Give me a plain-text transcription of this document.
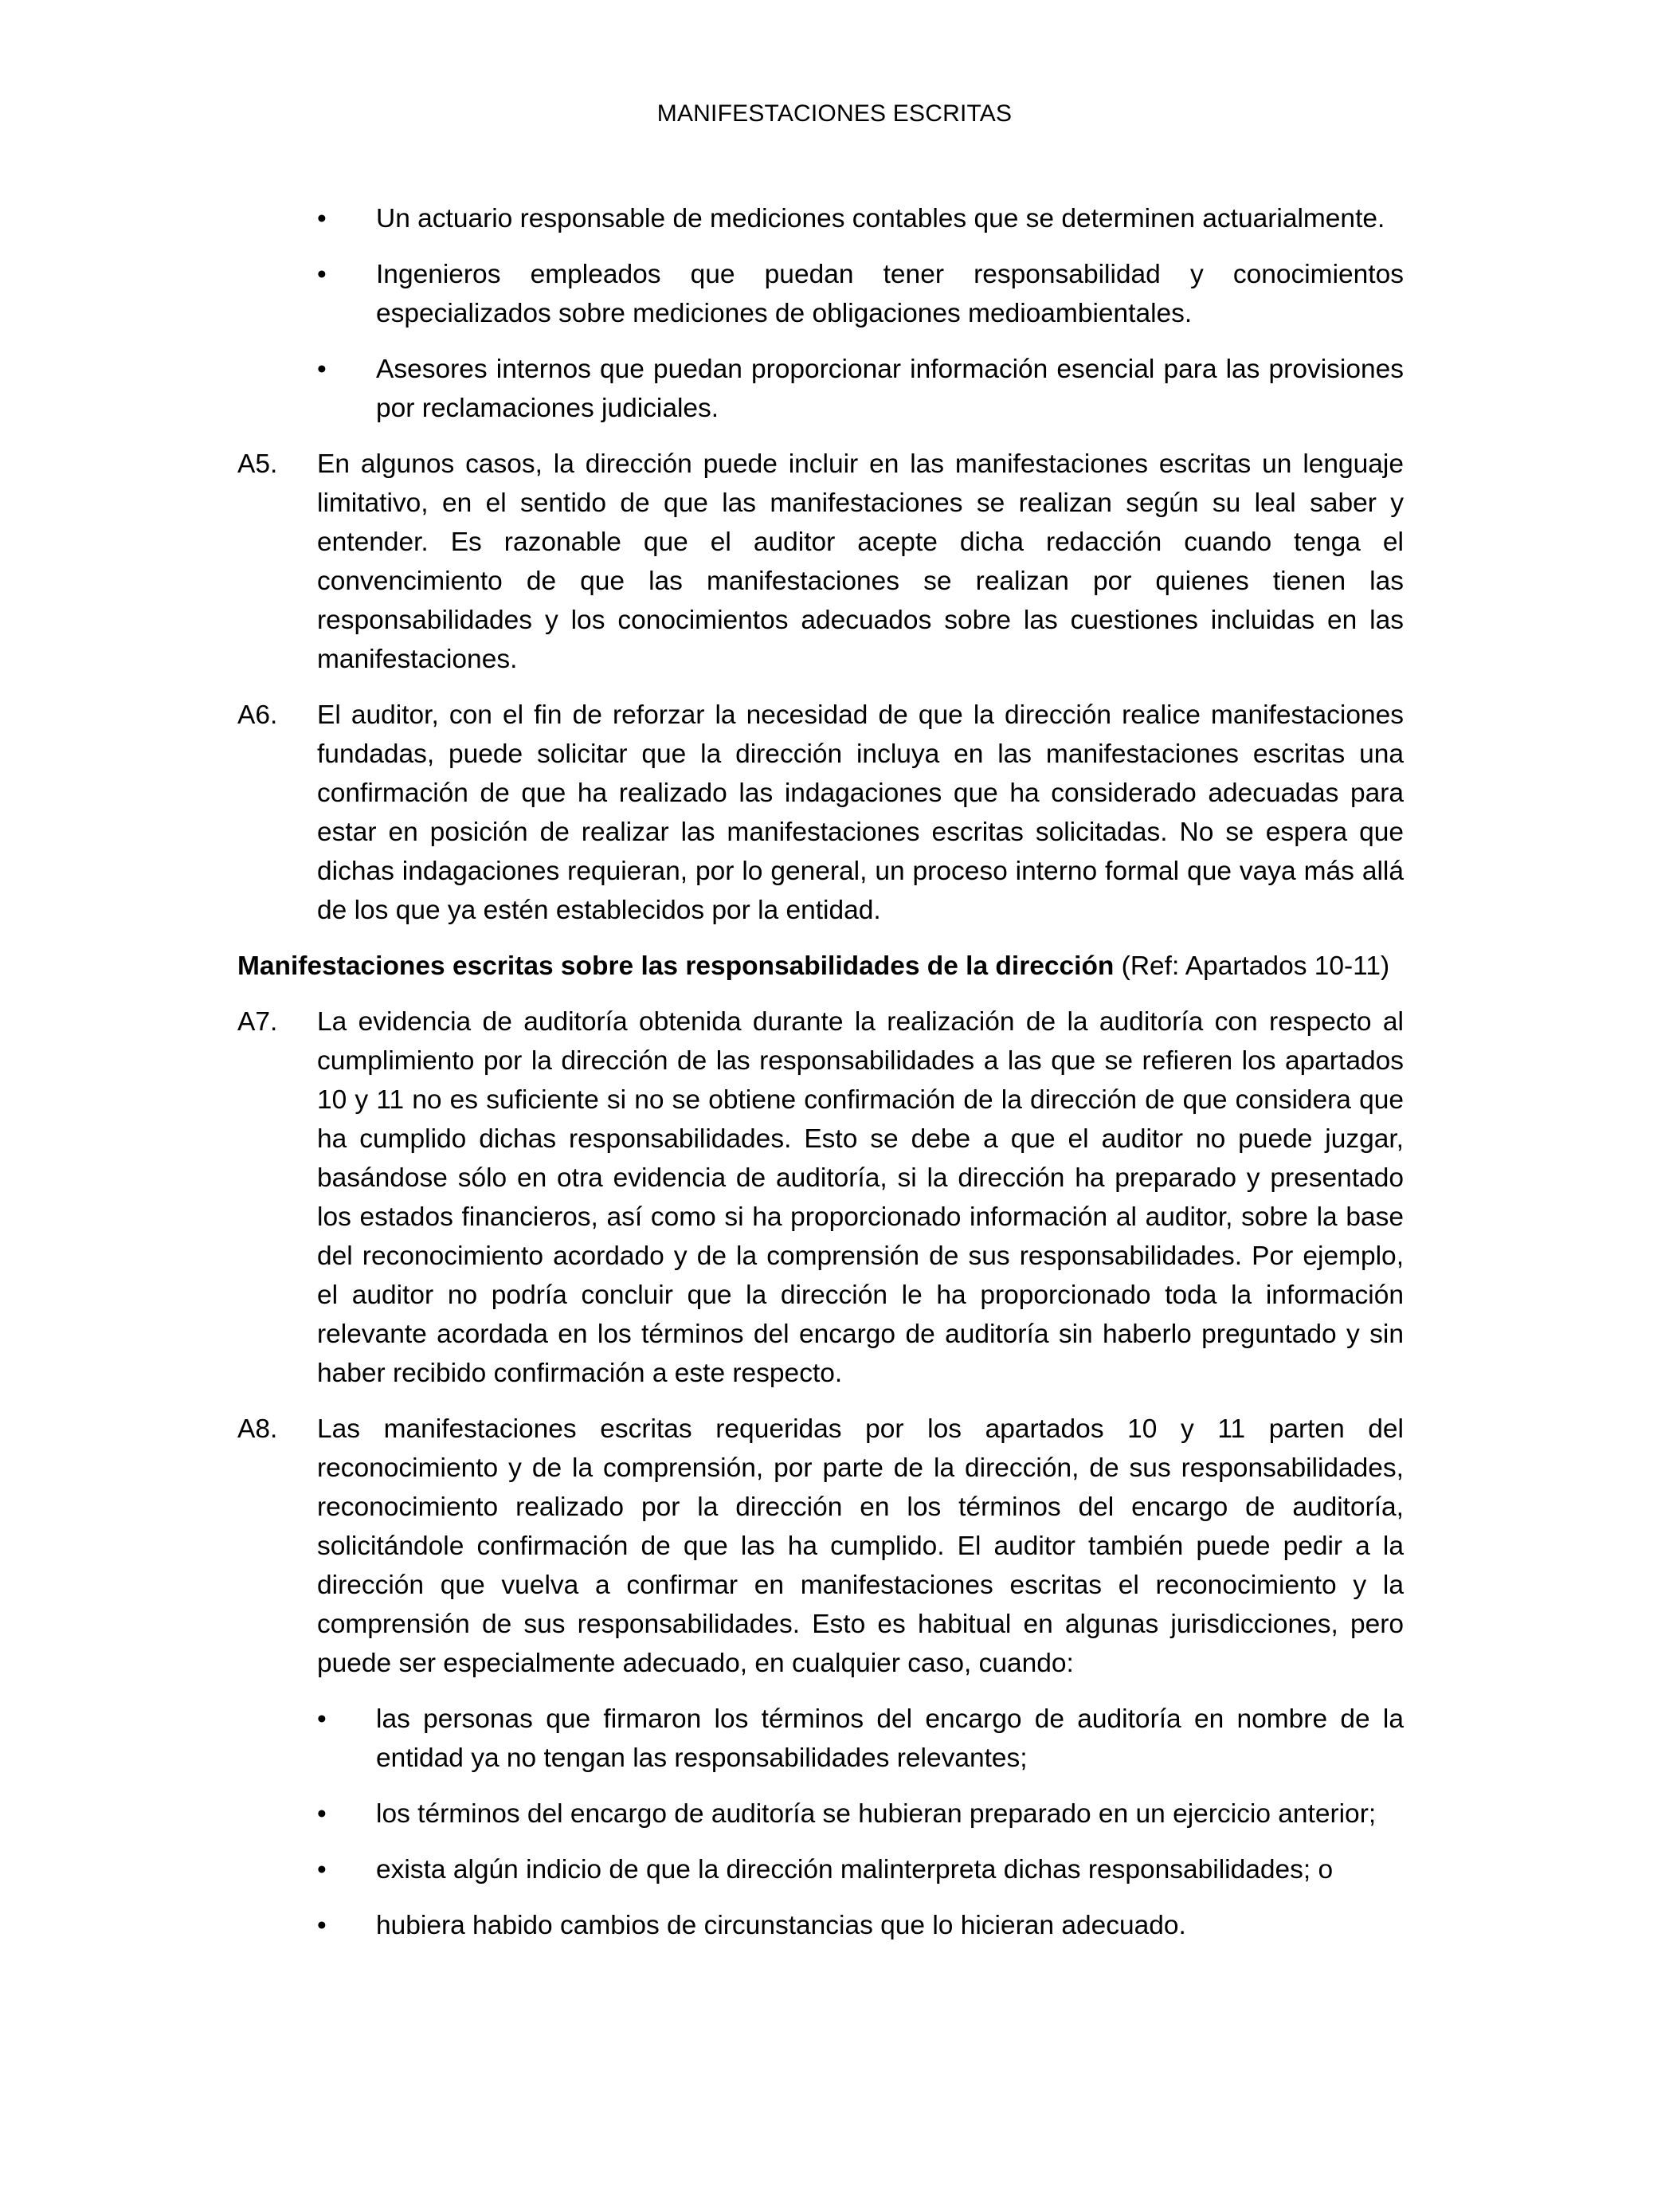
MANIFESTACIONES ESCRITAS
• Un actuario responsable de mediciones contables que se determinen actuarialmente.
• Ingenieros empleados que puedan tener responsabilidad y conocimientos especializados sobre mediciones de obligaciones medioambientales.
• Asesores internos que puedan proporcionar información esencial para las provisiones por reclamaciones judiciales.
A5. En algunos casos, la dirección puede incluir en las manifestaciones escritas un lenguaje limitativo, en el sentido de que las manifestaciones se realizan según su leal saber y entender. Es razonable que el auditor acepte dicha redacción cuando tenga el convencimiento de que las manifestaciones se realizan por quienes tienen las responsabilidades y los conocimientos adecuados sobre las cuestiones incluidas en las manifestaciones.
A6. El auditor, con el fin de reforzar la necesidad de que la dirección realice manifestaciones fundadas, puede solicitar que la dirección incluya en las manifestaciones escritas una confirmación de que ha realizado las indagaciones que ha considerado adecuadas para estar en posición de realizar las manifestaciones escritas solicitadas. No se espera que dichas indagaciones requieran, por lo general, un proceso interno formal que vaya más allá de los que ya estén establecidos por la entidad.
Manifestaciones escritas sobre las responsabilidades de la dirección (Ref: Apartados 10-11)
A7. La evidencia de auditoría obtenida durante la realización de la auditoría con respecto al cumplimiento por la dirección de las responsabilidades a las que se refieren los apartados 10 y 11 no es suficiente si no se obtiene confirmación de la dirección de que considera que ha cumplido dichas responsabilidades. Esto se debe a que el auditor no puede juzgar, basándose sólo en otra evidencia de auditoría, si la dirección ha preparado y presentado los estados financieros, así como si ha proporcionado información al auditor, sobre la base del reconocimiento acordado y de la comprensión de sus responsabilidades. Por ejemplo, el auditor no podría concluir que la dirección le ha proporcionado toda la información relevante acordada en los términos del encargo de auditoría sin haberlo preguntado y sin haber recibido confirmación a este respecto.
A8. Las manifestaciones escritas requeridas por los apartados 10 y 11 parten del reconocimiento y de la comprensión, por parte de la dirección, de sus responsabilidades, reconocimiento realizado por la dirección en los términos del encargo de auditoría, solicitándole confirmación de que las ha cumplido. El auditor también puede pedir a la dirección que vuelva a confirmar en manifestaciones escritas el reconocimiento y la comprensión de sus responsabilidades. Esto es habitual en algunas jurisdicciones, pero puede ser especialmente adecuado, en cualquier caso, cuando:
• las personas que firmaron los términos del encargo de auditoría en nombre de la entidad ya no tengan las responsabilidades relevantes;
• los términos del encargo de auditoría se hubieran preparado en un ejercicio anterior;
• exista algún indicio de que la dirección malinterpreta dichas responsabilidades; o
• hubiera habido cambios de circunstancias que lo hicieran adecuado.
